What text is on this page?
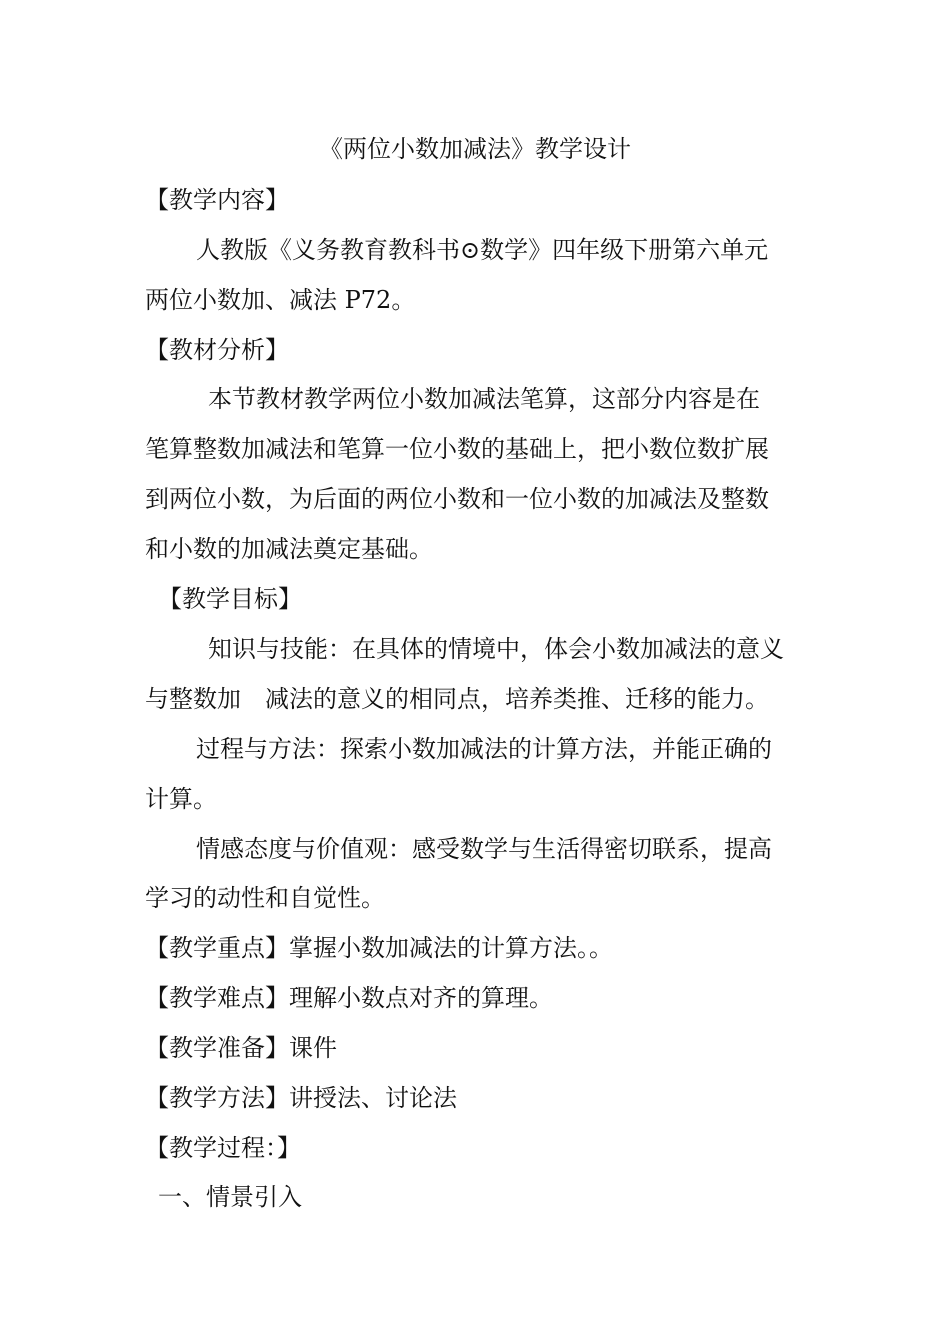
《两位小数加减法》教学设计
【教学内容】
人教版《义务教育教科书⊙数学》四年级下册第六单元
两位小数加、减法 P72。
【教材分析】
本节教材教学两位小数加减法笔算，这部分内容是在
笔算整数加减法和笔算一位小数的基础上，把小数位数扩展
到两位小数，为后面的两位小数和一位小数的加减法及整数
和小数的加减法奠定基础。
【教学目标】
知识与技能：在具体的情境中，体会小数加减法的意义
与整数加 减法的意义的相同点，培养类推、迁移的能力。
过程与方法：探索小数加减法的计算方法，并能正确的
计算。
情感态度与价值观：感受数学与生活得密切联系，提高
学习的动性和自觉性。
【教学重点】掌握小数加减法的计算方法。。
【教学难点】理解小数点对齐的算理。
【教学准备】课件
【教学方法】讲授法、讨论法
【教学过程：】
一、情景引入
